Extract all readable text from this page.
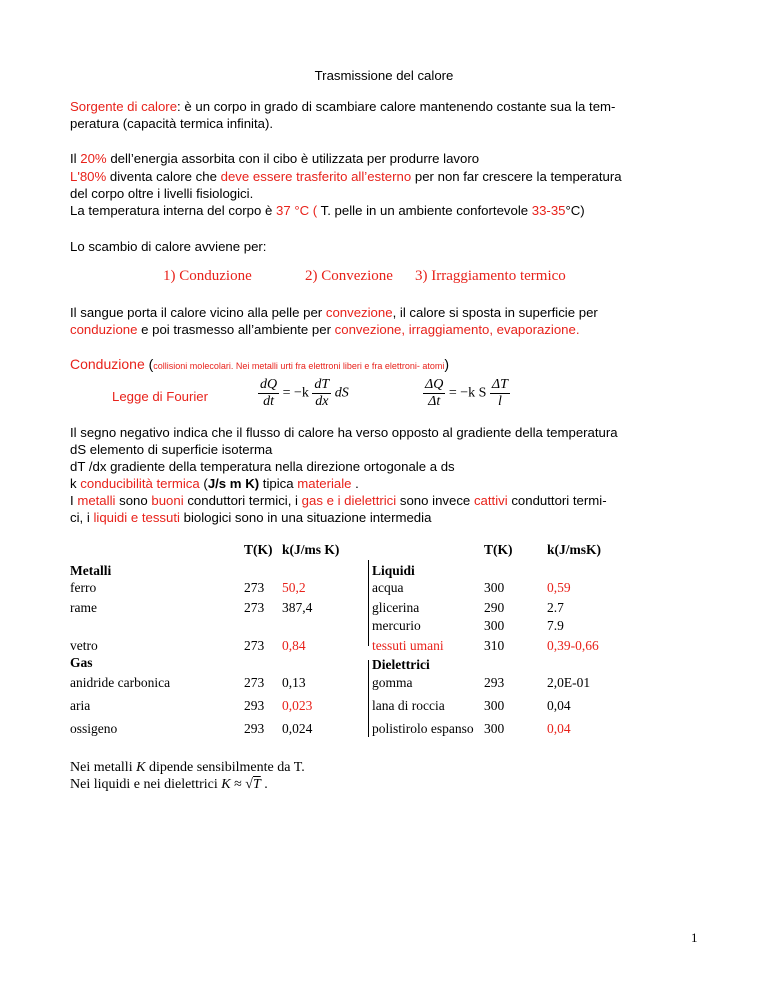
Trasmissione del calore
Sorgente di calore: è un corpo in grado di scambiare calore mantenendo costante sua la tem-
peratura (capacità termica infinita).
Il 20% dell’energia assorbita con il cibo è utilizzata per produrre lavoro
L'80% diventa calore che deve essere trasferito all’esterno per non far crescere la temperatura
del corpo oltre i livelli fisiologici.
La temperatura interna del corpo è 37 °C ( T. pelle in un ambiente confortevole 33-35°C)
Lo scambio di calore avviene per:
1) Conduzione	2) Convezione 3) Irraggiamento termico
Il sangue porta il calore vicino alla pelle per convezione, il calore si sposta in superficie per
conduzione e poi trasmesso all’ambiente per convezione, irraggiamento, evaporazione.
Conduzione (collisioni molecolari. Nei metalli urti fra elettroni liberi e fra elettroni- atomi)
Legge di Fourier	$\frac{dQ}{dt} = -k \frac{dT}{dx}$ dS	$\frac{\Delta Q}{\Delta t} = -k$ S $\frac{\Delta T}{l}$
Il segno negativo indica che il flusso di calore ha verso opposto al gradiente della temperatura
dS elemento di superficie isoterma
dT /dx gradiente della temperatura nella direzione ortogonale a ds
k conducibilità termica (J/s m K) tipica materiale .
I metalli sono buoni conduttori termici, i gas e i dielettrici sono invece cattivi conduttori termi-
ci, i liquidi e tessuti biologici sono in una situazione intermedia
T(K) k(J/ms K)	T(K)	k(J/msK)
Metalli
ferro	273 50,2
rame	273 387,4
vetro	273 0,84
Gas
anidride carbonica	273 0,13
aria	293 0,023
ossigeno	293 0,024
Liquidi
acqua	300	0,59
glicerina	290	2.7
mercurio	300	7.9
tessuti umani	310	0,39-0,66
Dielettrici
gomma	293	2,0E-01
lana di roccia	300	0,04
polistirolo espanso 300	0,04
Nei metalli K dipende sensibilmente da T.
Nei liquidi e nei dielettrici K ≈ √T .
1
